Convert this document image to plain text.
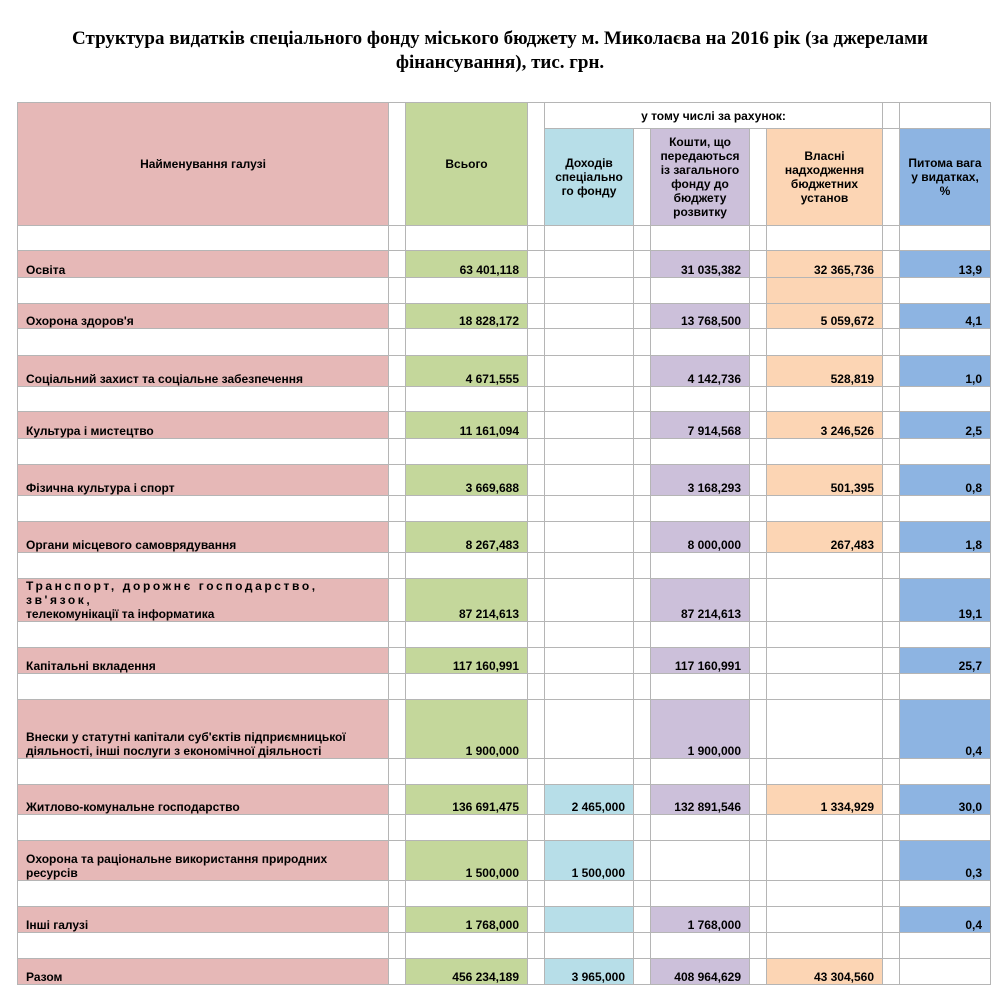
Структура видатків спеціального фонду міського бюджету м. Миколаєва на 2016 рік (за джерелами
фінансування), тис. грн.
Найменування галузі		Всього		у тому числі за рахунок:						
				Доходів спеціально го фонду		Кошти, що передаються із загального фонду до бюджету розвитку		Власні надходження бюджетних установ		Питома вага у видатках, %

Освіта		63 401,118				31 035,382		32 365,736		13,9

Охорона здоров'я		18 828,172				13 768,500		5 059,672		4,1

Соціальний захист та соціальне забезпечення		4 671,555				4 142,736		528,819		1,0

Культура і мистецтво		11 161,094				7 914,568		3 246,526		2,5

Фізична культура і спорт		3 669,688				3 168,293		501,395		0,8

Органи місцевого самоврядування		8 267,483				8 000,000		267,483		1,8

Транспорт, дорожнє господарство, зв'язок,
телекомунікації та інформатика		87 214,613				87 214,613				19,1

Капітальні вкладення		117 160,991				117 160,991				25,7

Внески у статутні капітали суб'єктів підприємницької діяльності, інші послуги з економічної діяльності		1 900,000				1 900,000				0,4

Житлово-комунальне господарство		136 691,475		2 465,000		132 891,546		1 334,929		30,0

Охорона та раціональне використання природних ресурсів		1 500,000		1 500,000						0,3

Інші галузі		1 768,000				1 768,000				0,4

Разом		456 234,189		3 965,000		408 964,629		43 304,560		
